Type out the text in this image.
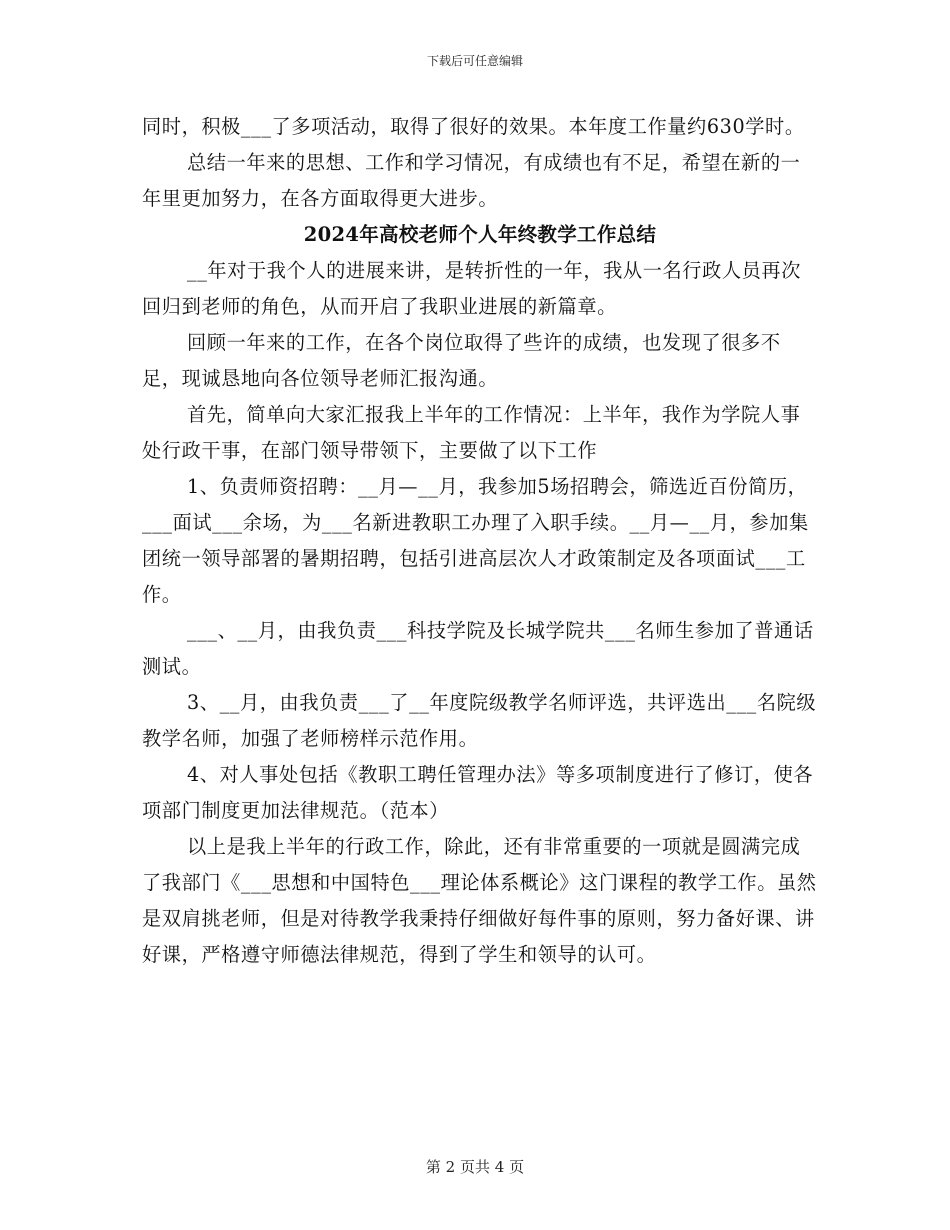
下载后可任意编辑

同时，积极___了多项活动，取得了很好的效果。本年度工作量约630学时。

总结一年来的思想、工作和学习情况，有成绩也有不足，希望在新的一年里更加努力，在各方面取得更大进步。

2024年高校老师个人年终教学工作总结

__年对于我个人的进展来讲，是转折性的一年，我从一名行政人员再次回归到老师的角色，从而开启了我职业进展的新篇章。

回顾一年来的工作，在各个岗位取得了些许的成绩，也发现了很多不足，现诚恳地向各位领导老师汇报沟通。

首先，简单向大家汇报我上半年的工作情况：上半年，我作为学院人事处行政干事，在部门领导带领下，主要做了以下工作

1、负责师资招聘：__月—__月，我参加5场招聘会，筛选近百份简历，___面试___余场，为___名新进教职工办理了入职手续。__月—__月，参加集团统一领导部署的暑期招聘，包括引进高层次人才政策制定及各项面试___工作。

___、__月，由我负责___科技学院及长城学院共___名师生参加了普通话测试。

3、__月，由我负责___了__年度院级教学名师评选，共评选出___名院级教学名师，加强了老师榜样示范作用。

4、对人事处包括《教职工聘任管理办法》等多项制度进行了修订，使各项部门制度更加法律规范。（范本）

以上是我上半年的行政工作，除此，还有非常重要的一项就是圆满完成了我部门《___思想和中国特色___理论体系概论》这门课程的教学工作。虽然是双肩挑老师，但是对待教学我秉持仔细做好每件事的原则，努力备好课、讲好课，严格遵守师德法律规范，得到了学生和领导的认可。

第 2 页共 4 页
